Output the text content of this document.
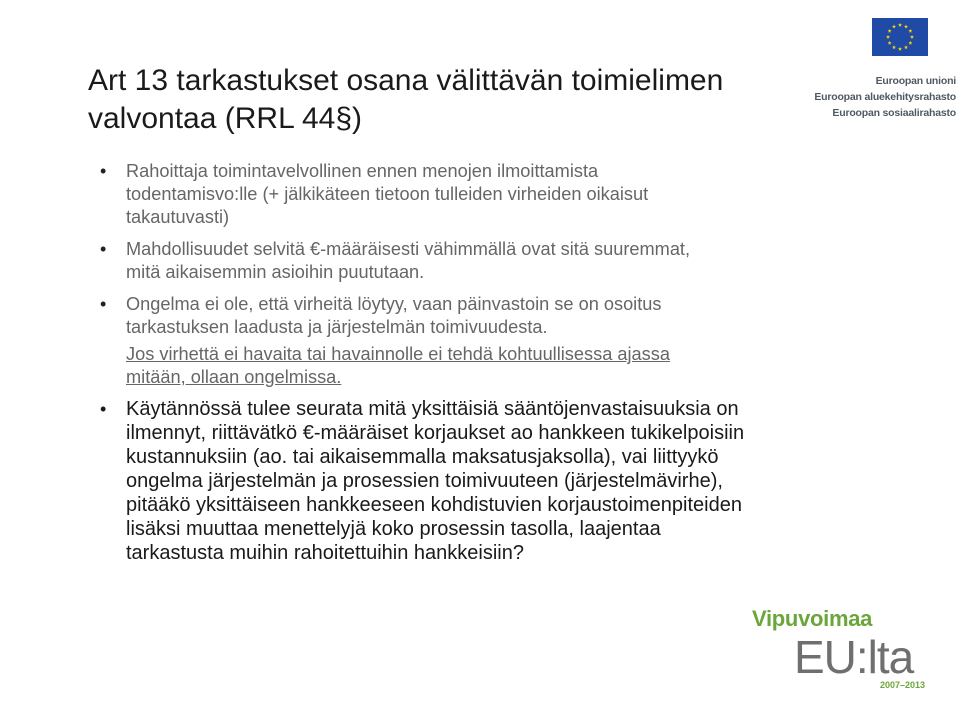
Art 13 tarkastukset osana välittävän toimielimen
valvontaa (RRL 44§)
Euroopan unioni
Euroopan aluekehitysrahasto
Euroopan sosiaalirahasto
• Rahoittaja toimintavelvollinen ennen menojen ilmoittamista
todentamisvo:lle (+ jälkikäteen tietoon tulleiden virheiden oikaisut
takautuvasti)
• Mahdollisuudet selvitä €-määräisesti vähimmällä ovat sitä suuremmat,
mitä aikaisemmin asioihin puututaan.
• Ongelma ei ole, että virheitä löytyy, vaan päinvastoin se on osoitus
tarkastuksen laadusta ja järjestelmän toimivuudesta.
Jos virhettä ei havaita tai havainnolle ei tehdä kohtuullisessa ajassa
mitään, ollaan ongelmissa.
• Käytännössä tulee seurata mitä yksittäisiä sääntöjenvastaisuuksia on
ilmennyt, riittävätkö €-määräiset korjaukset ao hankkeen tukikelpoisiin
kustannuksiin (ao. tai aikaisemmalla maksatusjaksolla), vai liittyykö
ongelma järjestelmän ja prosessien toimivuuteen (järjestelmävirhe),
pitääkö yksittäiseen hankkeeseen kohdistuvien korjaustoimenpiteiden
lisäksi muuttaa menettelyjä koko prosessin tasolla, laajentaa
tarkastusta muihin rahoitettuihin hankkeisiin?
Vipuvoimaa
EU:lta
2007–2013
